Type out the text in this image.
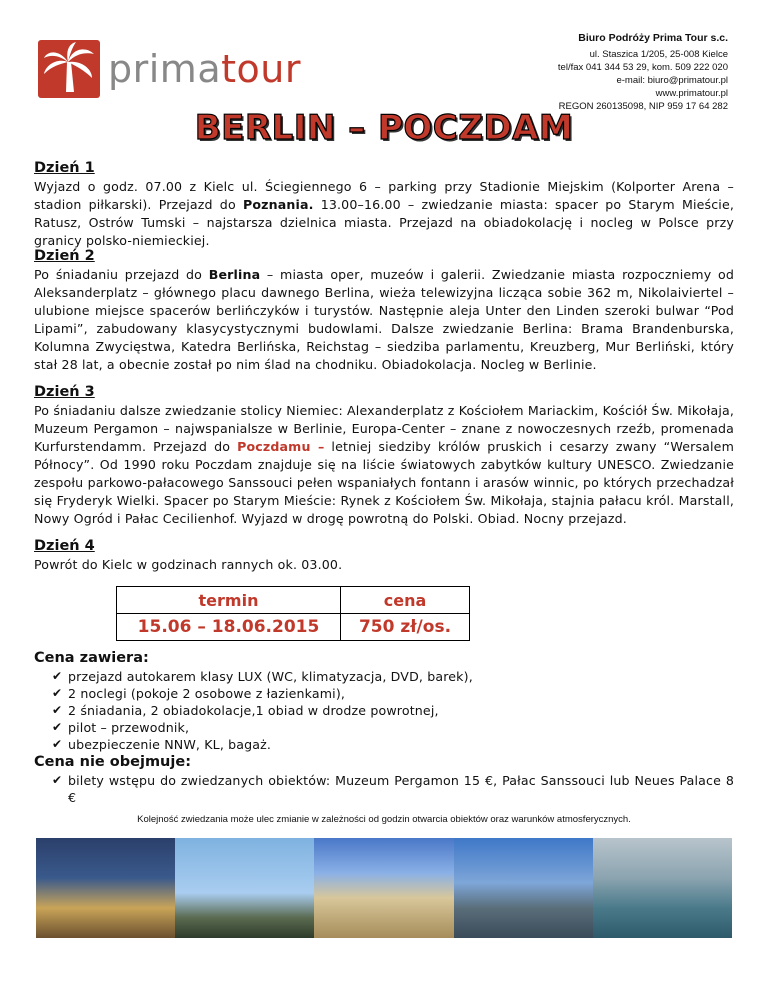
primatour
Biuro Podróży Prima Tour s.c.
ul. Staszica 1/205, 25-008 Kielce
tel/fax 041 344 53 29, kom. 509 222 020
e-mail: biuro@primatour.pl
www.primatour.pl
REGON 260135098, NIP 959 17 64 282
BERLIN – POCZDAM
Dzień 1

Wyjazd o godz. 07.00 z Kielc ul. Ściegiennego 6 – parking przy Stadionie Miejskim (Kolporter Arena – stadion piłkarski). Przejazd do Poznania. 13.00–16.00 – zwiedzanie miasta: spacer po Starym Mieście, Ratusz, Ostrów Tumski – najstarsza dzielnica miasta. Przejazd na obiadokolację i nocleg w Polsce przy granicy polsko-niemieckiej.

Dzień 2

Po śniadaniu przejazd do Berlina – miasta oper, muzeów i galerii. Zwiedzanie miasta rozpoczniemy od Aleksanderplatz – głównego placu dawnego Berlina, wieża telewizyjna licząca sobie 362 m, Nikolaiviertel – ulubione miejsce spacerów berlińczyków i turystów. Następnie aleja Unter den Linden szeroki bulwar “Pod Lipami”, zabudowany klasycystycznymi budowlami. Dalsze zwiedzanie Berlina: Brama Brandenburska, Kolumna Zwycięstwa, Katedra Berlińska, Reichstag – siedziba parlamentu, Kreuzberg, Mur Berliński, który stał 28 lat, a obecnie został po nim ślad na chodniku. Obiadokolacja. Nocleg w Berlinie.

Dzień 3

Po śniadaniu dalsze zwiedzanie stolicy Niemiec: Alexanderplatz z Kościołem Mariackim, Kościół Św. Mikołaja, Muzeum Pergamon – najwspanialsze w Berlinie, Europa-Center – znane z nowoczesnych rzeźb, promenada Kurfurstendamm. Przejazd do Poczdamu – letniej siedziby królów pruskich i cesarzy zwany “Wersalem Północy”. Od 1990 roku Poczdam znajduje się na liście światowych zabytków kultury UNESCO. Zwiedzanie zespołu parkowo-pałacowego Sanssouci pełen wspaniałych fontann i arasów winnic, po których przechadzał się Fryderyk Wielki. Spacer po Starym Mieście: Rynek z Kościołem Św. Mikołaja, stajnia pałacu król. Marstall, Nowy Ogród i Pałac Cecilienhof. Wyjazd w drogę powrotną do Polski. Obiad. Nocny przejazd.

Dzień 4

Powrót do Kielc w godzinach rannych ok. 03.00.

termin	cena
15.06 – 18.06.2015	750 zł/os.
Cena zawiera:
✔ przejazd autokarem klasy LUX (WC, klimatyzacja, DVD, barek),
✔ 2 noclegi (pokoje 2 osobowe z łazienkami),
✔ 2 śniadania, 2 obiadokolacje,1 obiad w drodze powrotnej,
✔ pilot – przewodnik,
✔ ubezpieczenie NNW, KL, bagaż.
Cena nie obejmuje:
✔ bilety wstępu do zwiedzanych obiektów: Muzeum Pergamon 15 €, Pałac Sanssouci lub Neues Palace 8 €
Kolejność zwiedzania może ulec zmianie w zależności od godzin otwarcia obiektów oraz warunków atmosferycznych.
